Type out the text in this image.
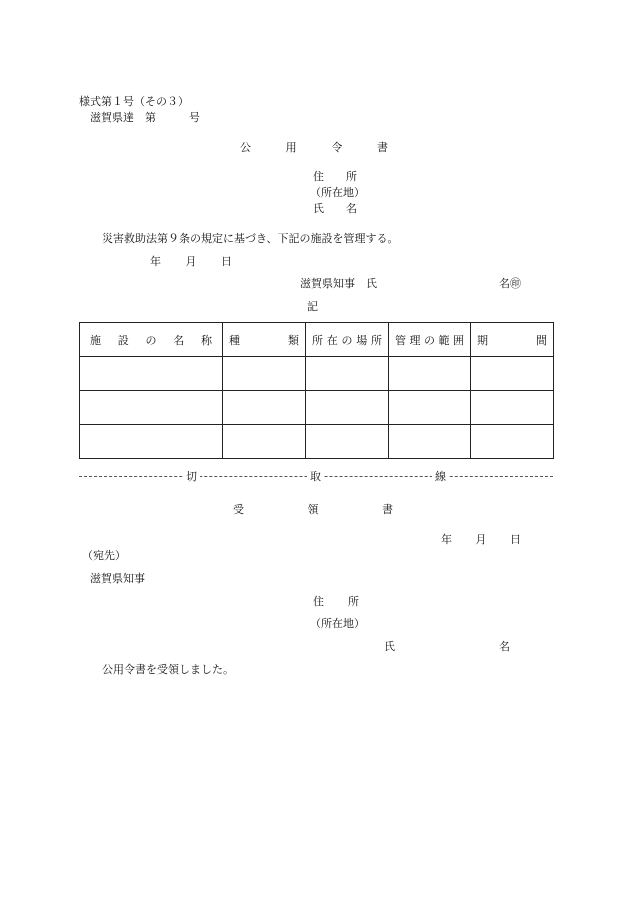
様式第１号（その３）
滋賀県達　第　　　号
公	用	令	書
住 所
（所在地）
氏 名
災害救助法第９条の規定に基づき、下記の施設を管理する。
年 月 日
滋賀県知事　氏	名㊞
記
施 設 の 名 称	種 類	所 在 の 場 所	管 理 の 範 囲	期 間

切	取	線
受	領	書
年 月 日
（宛先）
滋賀県知事
住 所
（所在地）
氏	名
公用令書を受領しました。
